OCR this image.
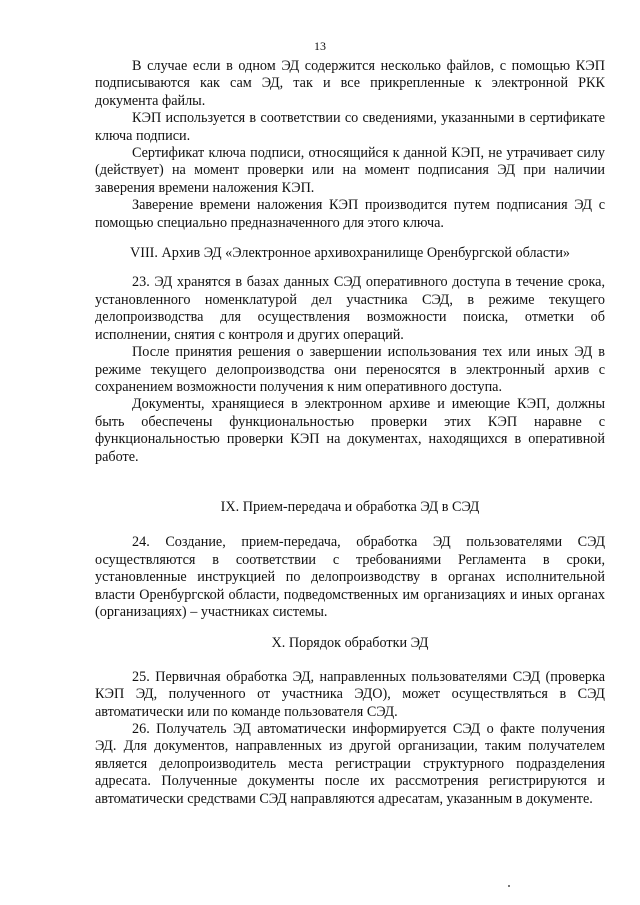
13

В случае если в одном ЭД содержится несколько файлов, с помощью КЭП подписываются как сам ЭД, так и все прикрепленные к электронной РКК документа файлы.

КЭП используется в соответствии со сведениями, указанными в сертификате ключа подписи.

Сертификат ключа подписи, относящийся к данной КЭП, не утрачивает силу (действует) на момент проверки или на момент подписания ЭД при наличии заверения времени наложения КЭП.

Заверение времени наложения КЭП производится путем подписания ЭД с помощью специально предназначенного для этого ключа.

VIII. Архив ЭД «Электронное архивохранилище Оренбургской области»

23. ЭД хранятся в базах данных СЭД оперативного доступа в течение срока, установленного номенклатурой дел участника СЭД, в режиме текущего делопроизводства для осуществления возможности поиска, отметки об исполнении, снятия с контроля и других операций.

После принятия решения о завершении использования тех или иных ЭД в режиме текущего делопроизводства они переносятся в электронный архив с сохранением возможности получения к ним оперативного доступа.

Документы, хранящиеся в электронном архиве и имеющие КЭП, должны быть обеспечены функциональностью проверки этих КЭП наравне с функциональностью проверки КЭП на документах, находящихся в оперативной работе.

IX. Прием-передача и обработка ЭД в СЭД

24. Создание, прием-передача, обработка ЭД пользователями СЭД осуществляются в соответствии с требованиями Регламента в сроки, установленные инструкцией по делопроизводству в органах исполнительной власти Оренбургской области, подведомственных им организациях и иных органах (организациях) – участниках системы.

X. Порядок обработки ЭД

25. Первичная обработка ЭД, направленных пользователями СЭД (проверка КЭП ЭД, полученного от участника ЭДО), может осуществляться в СЭД автоматически или по команде пользователя СЭД.

26. Получатель ЭД автоматически информируется СЭД о факте получения ЭД. Для документов, направленных из другой организации, таким получателем является делопроизводитель места регистрации структурного подразделения адресата. Полученные документы после их рассмотрения регистрируются и автоматически средствами СЭД направляются адресатам, указанным в документе.
